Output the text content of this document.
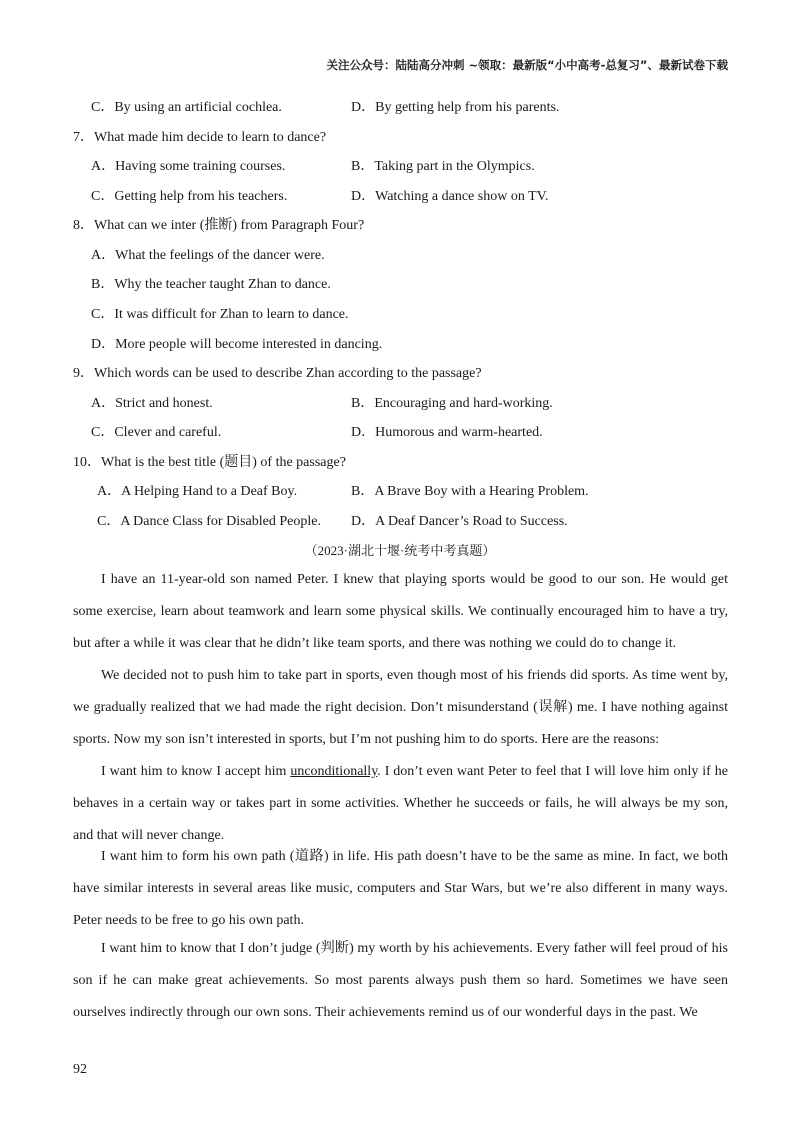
关注公众号：陆陆高分冲刺 ~领取：最新版“小中高考-总复习”、最新试卷下载
C．By using an artificial cochlea.	D．By getting help from his parents.
7．What made him decide to learn to dance?
A．Having some training courses.	B．Taking part in the Olympics.
C．Getting help from his teachers.	D．Watching a dance show on TV.
8．What can we inter (推断) from Paragraph Four?
A．What the feelings of the dancer were.
B．Why the teacher taught Zhan to dance.
C．It was difficult for Zhan to learn to dance.
D．More people will become interested in dancing.
9．Which words can be used to describe Zhan according to the passage?
A．Strict and honest.	B．Encouraging and hard-working.
C．Clever and careful.	D．Humorous and warm-hearted.
10．What is the best title (题目) of the passage?
A．A Helping Hand to a Deaf Boy.	B．A Brave Boy with a Hearing Problem.
C．A Dance Class for Disabled People. D．A Deaf Dancer’s Road to Success.
（2023·湖北十堰·统考中考真题）

I have an 11-year-old son named Peter. I knew that playing sports would be good to our son. He would get some exercise, learn about teamwork and learn some physical skills. We continually encouraged him to have a try, but after a while it was clear that he didn’t like team sports, and there was nothing we could do to change it.

We decided not to push him to take part in sports, even though most of his friends did sports. As time went by, we gradually realized that we had made the right decision. Don’t misunderstand (误解) me. I have nothing against sports. Now my son isn’t interested in sports, but I’m not pushing him to do sports. Here are the reasons:

I want him to know I accept him unconditionally. I don’t even want Peter to feel that I will love him only if he behaves in a certain way or takes part in some activities. Whether he succeeds or fails, he will always be my son, and that will never change.

I want him to form his own path (道路) in life. His path doesn’t have to be the same as mine. In fact, we both have similar interests in several areas like music, computers and Star Wars, but we’re also different in many ways. Peter needs to be free to go his own path.

I want him to know that I don’t judge (判断) my worth by his achievements. Every father will feel proud of his son if he can make great achievements. So most parents always push them so hard. Sometimes we have seen ourselves indirectly through our own sons. Their achievements remind us of our wonderful days in the past. We

92
